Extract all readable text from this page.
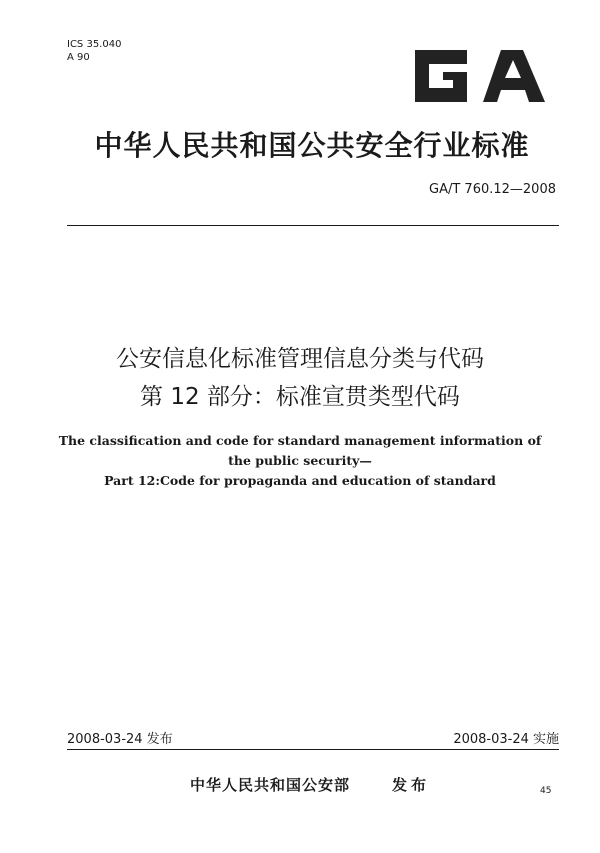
ICS 35.040
A 90
中华人民共和国公共安全行业标准
GA/T 760.12—2008
公安信息化标准管理信息分类与代码
第 12 部分：标准宣贯类型代码
The classification and code for standard management information of
the public security—
Part 12:Code for propaganda and education of standard
2008-03-24 发布	2008-03-24 实施
中华人民共和国公安部	发布	45
